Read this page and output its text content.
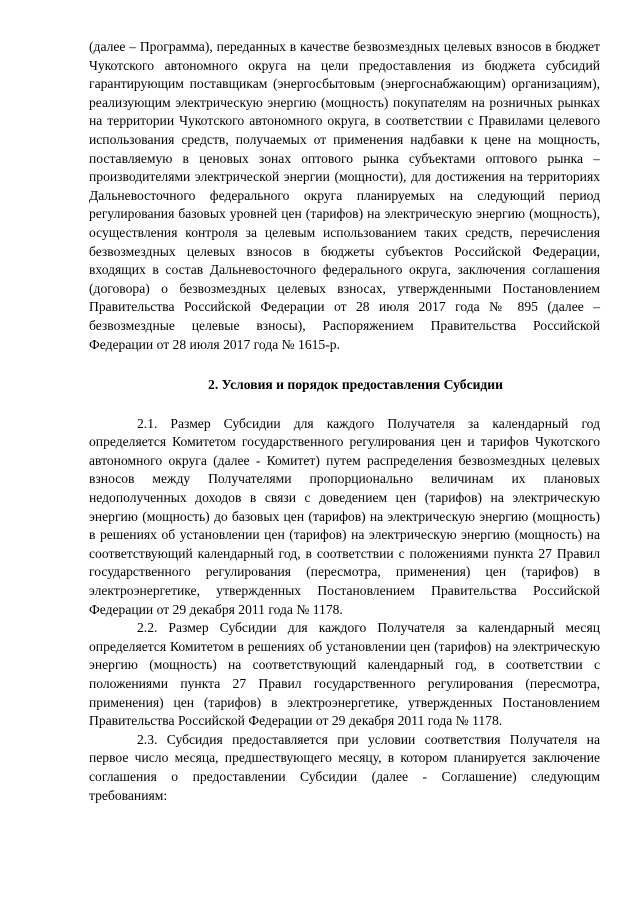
(далее – Программа), переданных в качестве безвозмездных целевых взносов в бюджет Чукотского автономного округа на цели предоставления из бюджета субсидий гарантирующим поставщикам (энергосбытовым (энергоснабжающим) организациям), реализующим электрическую энергию (мощность) покупателям на розничных рынках на территории Чукотского автономного округа, в соответствии с Правилами целевого использования средств, получаемых от применения надбавки к цене на мощность, поставляемую в ценовых зонах оптового рынка субъектами оптового рынка – производителями электрической энергии (мощности), для достижения на территориях Дальневосточного федерального округа планируемых на следующий период регулирования базовых уровней цен (тарифов) на электрическую энергию (мощность), осуществления контроля за целевым использованием таких средств, перечисления безвозмездных целевых взносов в бюджеты субъектов Российской Федерации, входящих в состав Дальневосточного федерального округа, заключения соглашения (договора) о безвозмездных целевых взносах, утвержденными Постановлением Правительства Российской Федерации от 28 июля 2017 года № 895 (далее – безвозмездные целевые взносы), Распоряжением Правительства Российской Федерации от 28 июля 2017 года № 1615-р.

2. Условия и порядок предоставления Субсидии

2.1. Размер Субсидии для каждого Получателя за календарный год определяется Комитетом государственного регулирования цен и тарифов Чукотского автономного округа (далее - Комитет) путем распределения безвозмездных целевых взносов между Получателями пропорционально величинам их плановых недополученных доходов в связи с доведением цен (тарифов) на электрическую энергию (мощность) до базовых цен (тарифов) на электрическую энергию (мощность) в решениях об установлении цен (тарифов) на электрическую энергию (мощность) на соответствующий календарный год, в соответствии с положениями пункта 27 Правил государственного регулирования (пересмотра, применения) цен (тарифов) в электроэнергетике, утвержденных Постановлением Правительства Российской Федерации от 29 декабря 2011 года № 1178.

2.2. Размер Субсидии для каждого Получателя за календарный месяц определяется Комитетом в решениях об установлении цен (тарифов) на электрическую энергию (мощность) на соответствующий календарный год, в соответствии с положениями пункта 27 Правил государственного регулирования (пересмотра, применения) цен (тарифов) в электроэнергетике, утвержденных Постановлением Правительства Российской Федерации от 29 декабря 2011 года № 1178.

2.3. Субсидия предоставляется при условии соответствия Получателя на первое число месяца, предшествующего месяцу, в котором планируется заключение соглашения о предоставлении Субсидии (далее - Соглашение) следующим требованиям:
